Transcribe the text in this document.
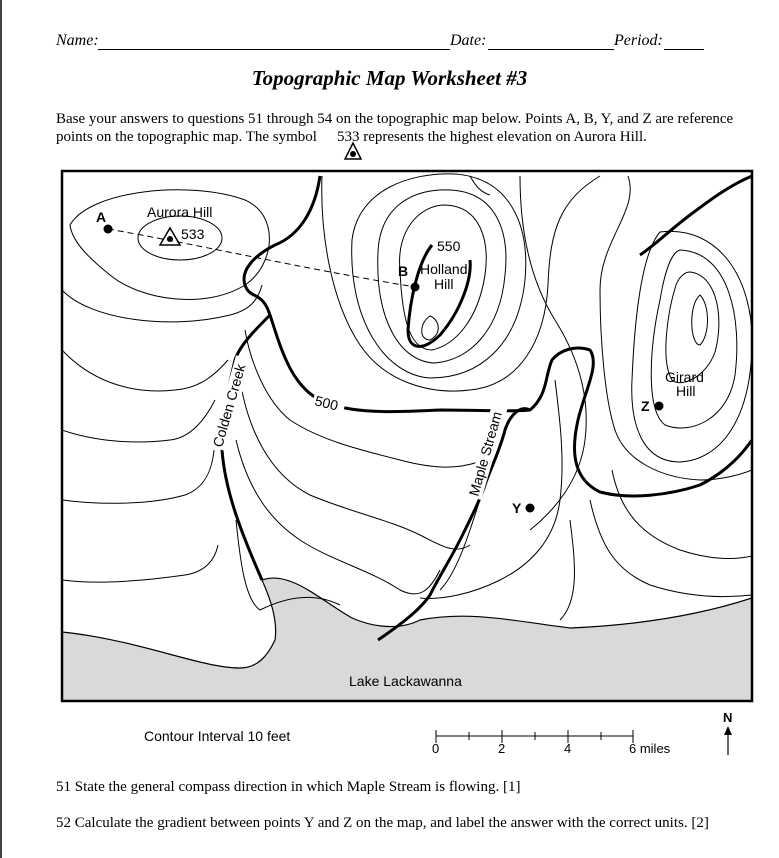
Name:	Date:	Period:
Topographic Map Worksheet #3
Base your answers to questions 51 through 54 on the topographic map below. Points A, B, Y, and Z are reference
points on the topographic map. The symbol 533 represents the highest elevation on Aurora Hill.
A
B
Y
Z
Aurora Hill
533
550
Holland
Hill
Girard
Hill
500
Colden Creek
Maple Stream
Lake Lackawanna
0	2	4	6 miles
N
Contour Interval 10 feet
51 State the general compass direction in which Maple Stream is flowing. [1]
52 Calculate the gradient between points Y and Z on the map, and label the answer with the correct units. [2]
